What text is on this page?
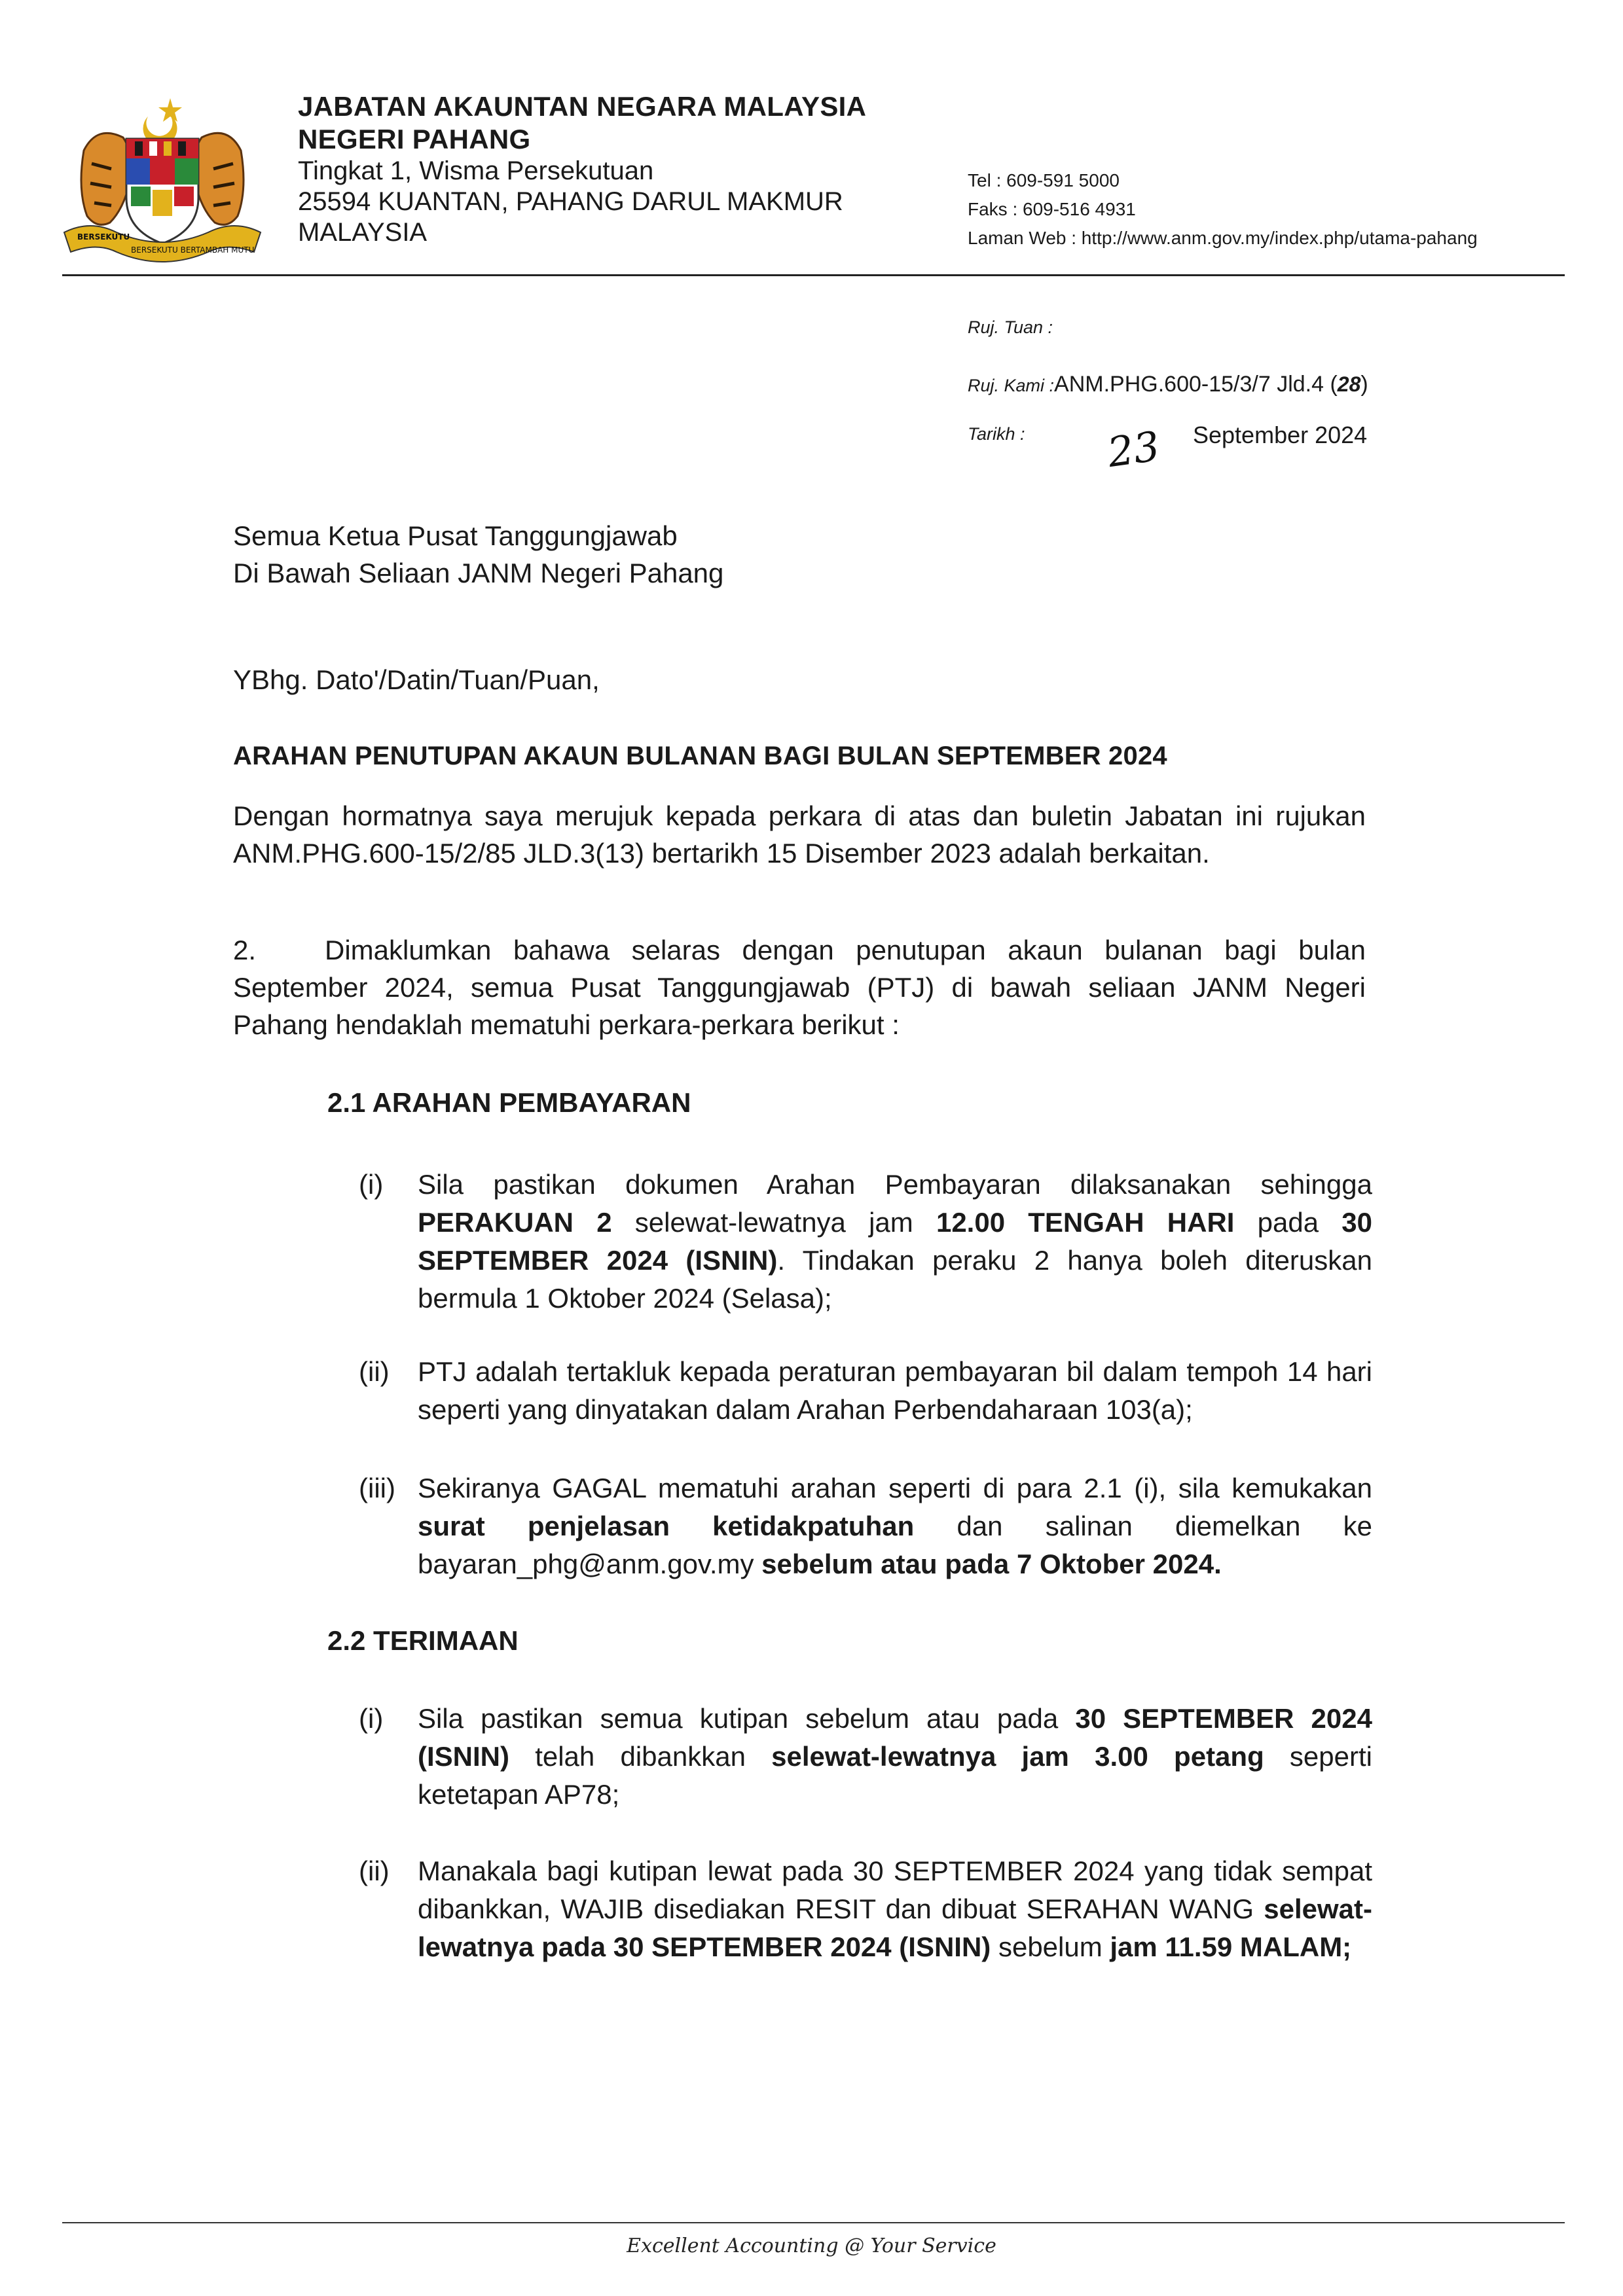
BERSEKUTU
BERSEKUTU BERTAMBAH MUTU
JABATAN AKAUNTAN NEGARA MALAYSIA
NEGERI PAHANG
Tingkat 1, Wisma Persekutuan
25594 KUANTAN, PAHANG DARUL MAKMUR
MALAYSIA
Tel : 609-591 5000
Faks : 609-516 4931
Laman Web : http://www.anm.gov.my/index.php/utama-pahang
Ruj. Tuan :
Ruj. Kami :ANM.PHG.600-15/3/7 Jld.4 (28)
Tarikh : 23 September 2024
Semua Ketua Pusat Tanggungjawab
Di Bawah Seliaan JANM Negeri Pahang
YBhg. Dato'/Datin/Tuan/Puan,
ARAHAN PENUTUPAN AKAUN BULANAN BAGI BULAN SEPTEMBER 2024
Dengan hormatnya saya merujuk kepada perkara di atas dan buletin Jabatan ini rujukan ANM.PHG.600-15/2/85 JLD.3(13) bertarikh 15 Disember 2023 adalah berkaitan.
2. Dimaklumkan bahawa selaras dengan penutupan akaun bulanan bagi bulan September 2024, semua Pusat Tanggungjawab (PTJ) di bawah seliaan JANM Negeri Pahang hendaklah mematuhi perkara-perkara berikut :
2.1 ARAHAN PEMBAYARAN
(i) Sila pastikan dokumen Arahan Pembayaran dilaksanakan sehingga PERAKUAN 2 selewat-lewatnya jam 12.00 TENGAH HARI pada 30 SEPTEMBER 2024 (ISNIN). Tindakan peraku 2 hanya boleh diteruskan bermula 1 Oktober 2024 (Selasa);
(ii) PTJ adalah tertakluk kepada peraturan pembayaran bil dalam tempoh 14 hari seperti yang dinyatakan dalam Arahan Perbendaharaan 103(a);
(iii) Sekiranya GAGAL mematuhi arahan seperti di para 2.1 (i), sila kemukakan surat penjelasan ketidakpatuhan dan salinan diemelkan ke bayaran_phg@anm.gov.my sebelum atau pada 7 Oktober 2024.
2.2 TERIMAAN
(i) Sila pastikan semua kutipan sebelum atau pada 30 SEPTEMBER 2024 (ISNIN) telah dibankkan selewat-lewatnya jam 3.00 petang seperti ketetapan AP78;
(ii) Manakala bagi kutipan lewat pada 30 SEPTEMBER 2024 yang tidak sempat dibankkan, WAJIB disediakan RESIT dan dibuat SERAHAN WANG selewat-lewatnya pada 30 SEPTEMBER 2024 (ISNIN) sebelum jam 11.59 MALAM;
Excellent Accounting @ Your Service
